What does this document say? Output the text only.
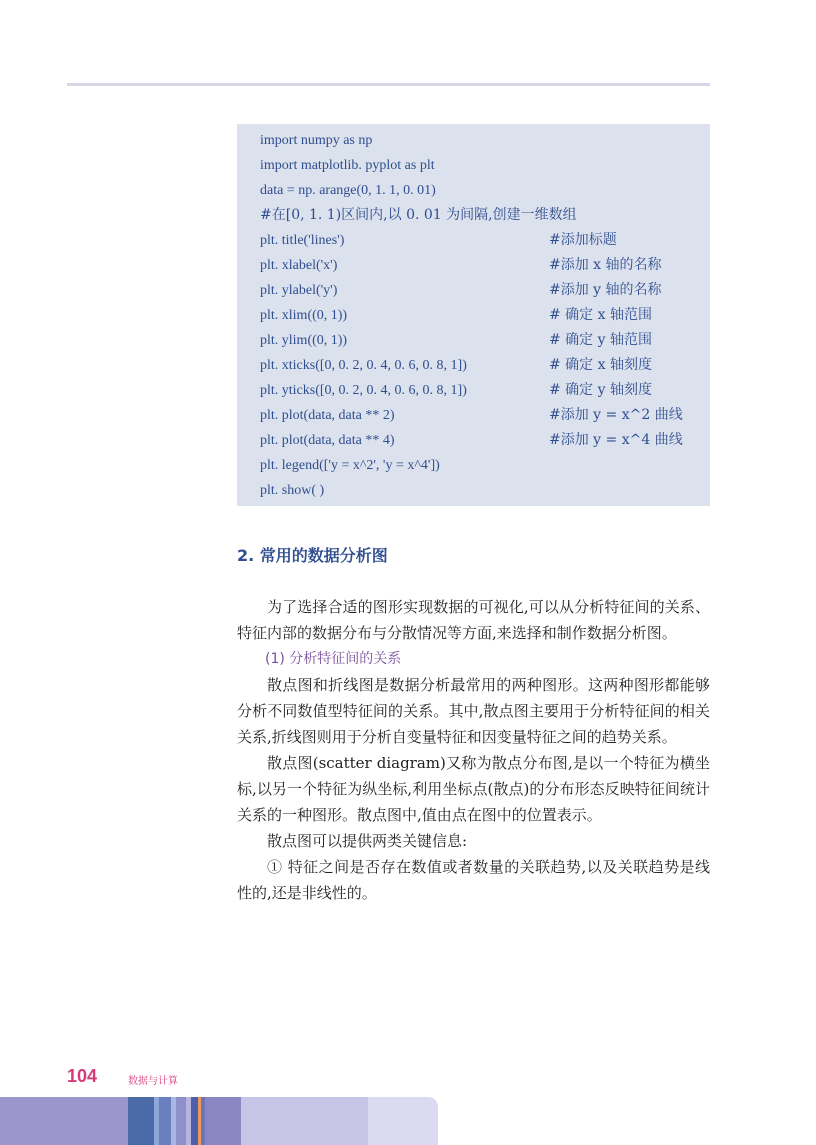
import numpy as np
import matplotlib. pyplot as plt
data = np. arange(0, 1. 1, 0. 01)
#在[0, 1. 1)区间内,以 0. 01 为间隔,创建一维数组
plt. title('lines')	#添加标题
plt. xlabel('x')	#添加 x 轴的名称
plt. ylabel('y')	#添加 y 轴的名称
plt. xlim((0, 1))	# 确定 x 轴范围
plt. ylim((0, 1))	# 确定 y 轴范围
plt. xticks([0, 0. 2, 0. 4, 0. 6, 0. 8, 1])	# 确定 x 轴刻度
plt. yticks([0, 0. 2, 0. 4, 0. 6, 0. 8, 1])	# 确定 y 轴刻度
plt. plot(data, data ** 2)	#添加 y = x^2 曲线
plt. plot(data, data ** 4)	#添加 y = x^4 曲线
plt. legend(['y = x^2', 'y = x^4'])
plt. show( )
2. 常用的数据分析图

为了选择合适的图形实现数据的可视化,可以从分析特征间的关系、特征内部的数据分布与分散情况等方面,来选择和制作数据分析图。

(1) 分析特征间的关系

散点图和折线图是数据分析最常用的两种图形。这两种图形都能够分析不同数值型特征间的关系。其中,散点图主要用于分析特征间的相关关系,折线图则用于分析自变量特征和因变量特征之间的趋势关系。

散点图(scatter diagram)又称为散点分布图,是以一个特征为横坐标,以另一个特征为纵坐标,利用坐标点(散点)的分布形态反映特征间统计关系的一种图形。散点图中,值由点在图中的位置表示。

散点图可以提供两类关键信息:

① 特征之间是否存在数值或者数量的关联趋势,以及关联趋势是线性的,还是非线性的。

104	数据与计算
